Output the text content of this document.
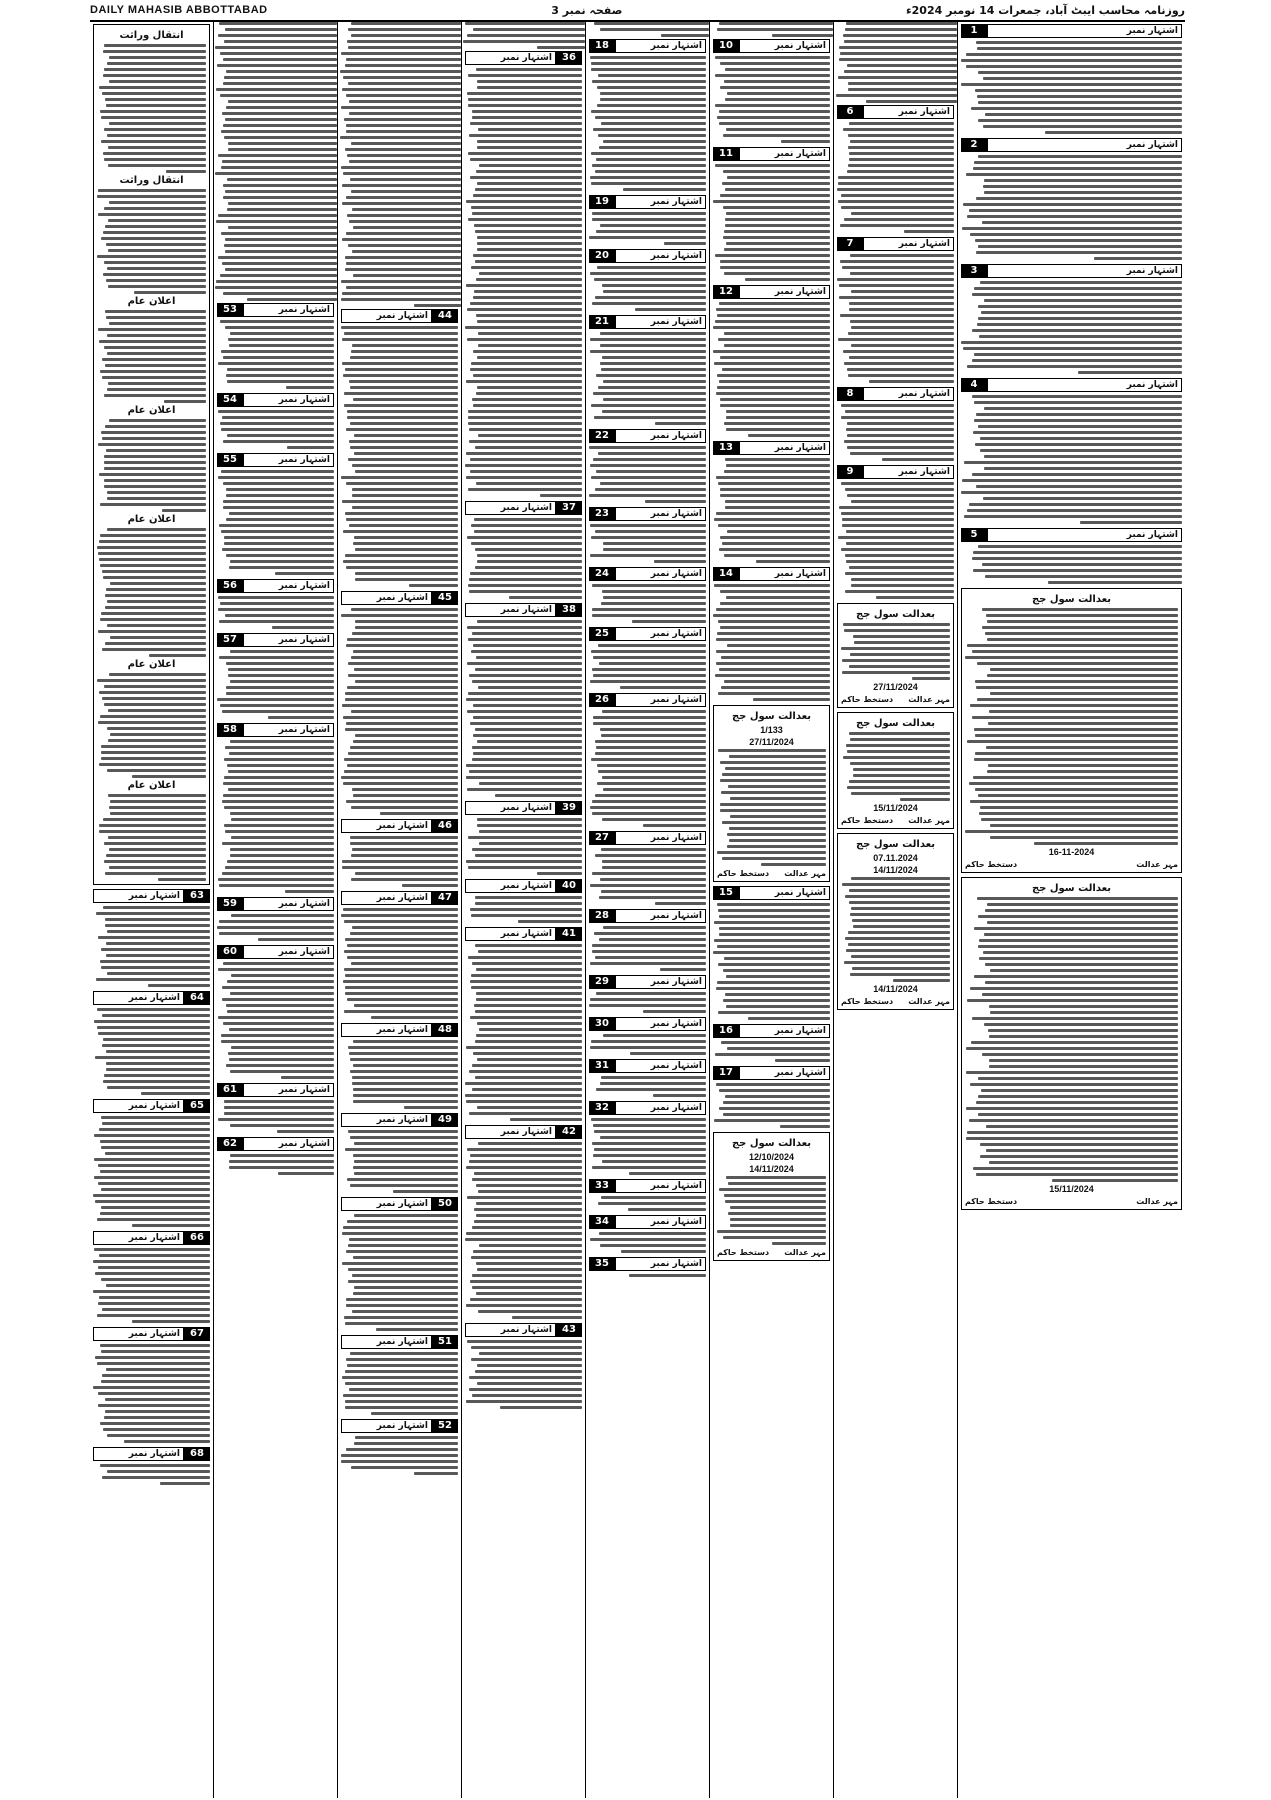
DAILY MAHASIB ABBOTTABAD	صفحہ نمبر 3	روزنامہ محاسب ایبٹ آباد، جمعرات 14 نومبر 2024ء
انتقال وراثت
انتقال وراثت
اعلان عام
اعلان عام
اعلان عام
اعلان عام
اعلان عام
اشتہار نمبر	63
اشتہار نمبر	64
اشتہار نمبر	65
اشتہار نمبر	66
اشتہار نمبر	67
اشتہار نمبر	68
53	اشتہار نمبر
54	اشتہار نمبر
55	اشتہار نمبر
56	اشتہار نمبر
57	اشتہار نمبر
58	اشتہار نمبر
59	اشتہار نمبر
60	اشتہار نمبر
61	اشتہار نمبر
62	اشتہار نمبر
اشتہار نمبر	44
اشتہار نمبر	45
اشتہار نمبر	46
اشتہار نمبر	47
اشتہار نمبر	48
اشتہار نمبر	49
اشتہار نمبر	50
اشتہار نمبر	51
اشتہار نمبر	52
اشتہار نمبر	36
اشتہار نمبر	37
اشتہار نمبر	38
اشتہار نمبر	39
اشتہار نمبر	40
اشتہار نمبر	41
اشتہار نمبر	42
اشتہار نمبر	43
18	اشتہار نمبر
19	اشتہار نمبر
20	اشتہار نمبر
21	اشتہار نمبر
22	اشتہار نمبر
23	اشتہار نمبر
24	اشتہار نمبر
25	اشتہار نمبر
26	اشتہار نمبر
27	اشتہار نمبر
28	اشتہار نمبر
29	اشتہار نمبر
30	اشتہار نمبر
31	اشتہار نمبر
32	اشتہار نمبر
33	اشتہار نمبر
34	اشتہار نمبر
35	اشتہار نمبر
10	اشتہار نمبر
11	اشتہار نمبر
12	اشتہار نمبر
13	اشتہار نمبر
14	اشتہار نمبر
بعدالت سول جج
1/133
27/11/2024
مہر عدالت
دستخط حاکم
15	اشتہار نمبر
16	اشتہار نمبر
17	اشتہار نمبر
بعدالت سول جج
12/10/2024
14/11/2024
مہر عدالت
دستخط حاکم
6	اشتہار نمبر
7	اشتہار نمبر
8	اشتہار نمبر
9	اشتہار نمبر
بعدالت سول جج
27/11/2024
مہر عدالت
دستخط حاکم
بعدالت سول جج
15/11/2024
مہر عدالت
دستخط حاکم
بعدالت سول جج
07.11.2024
14/11/2024
14/11/2024
مہر عدالت
دستخط حاکم
1	اشتہار نمبر
2	اشتہار نمبر
3	اشتہار نمبر
4	اشتہار نمبر
5	اشتہار نمبر
بعدالت سول جج
16-11-2024
مہر عدالت
دستخط حاکم
بعدالت سول جج
15/11/2024
مہر عدالت
دستخط حاکم
